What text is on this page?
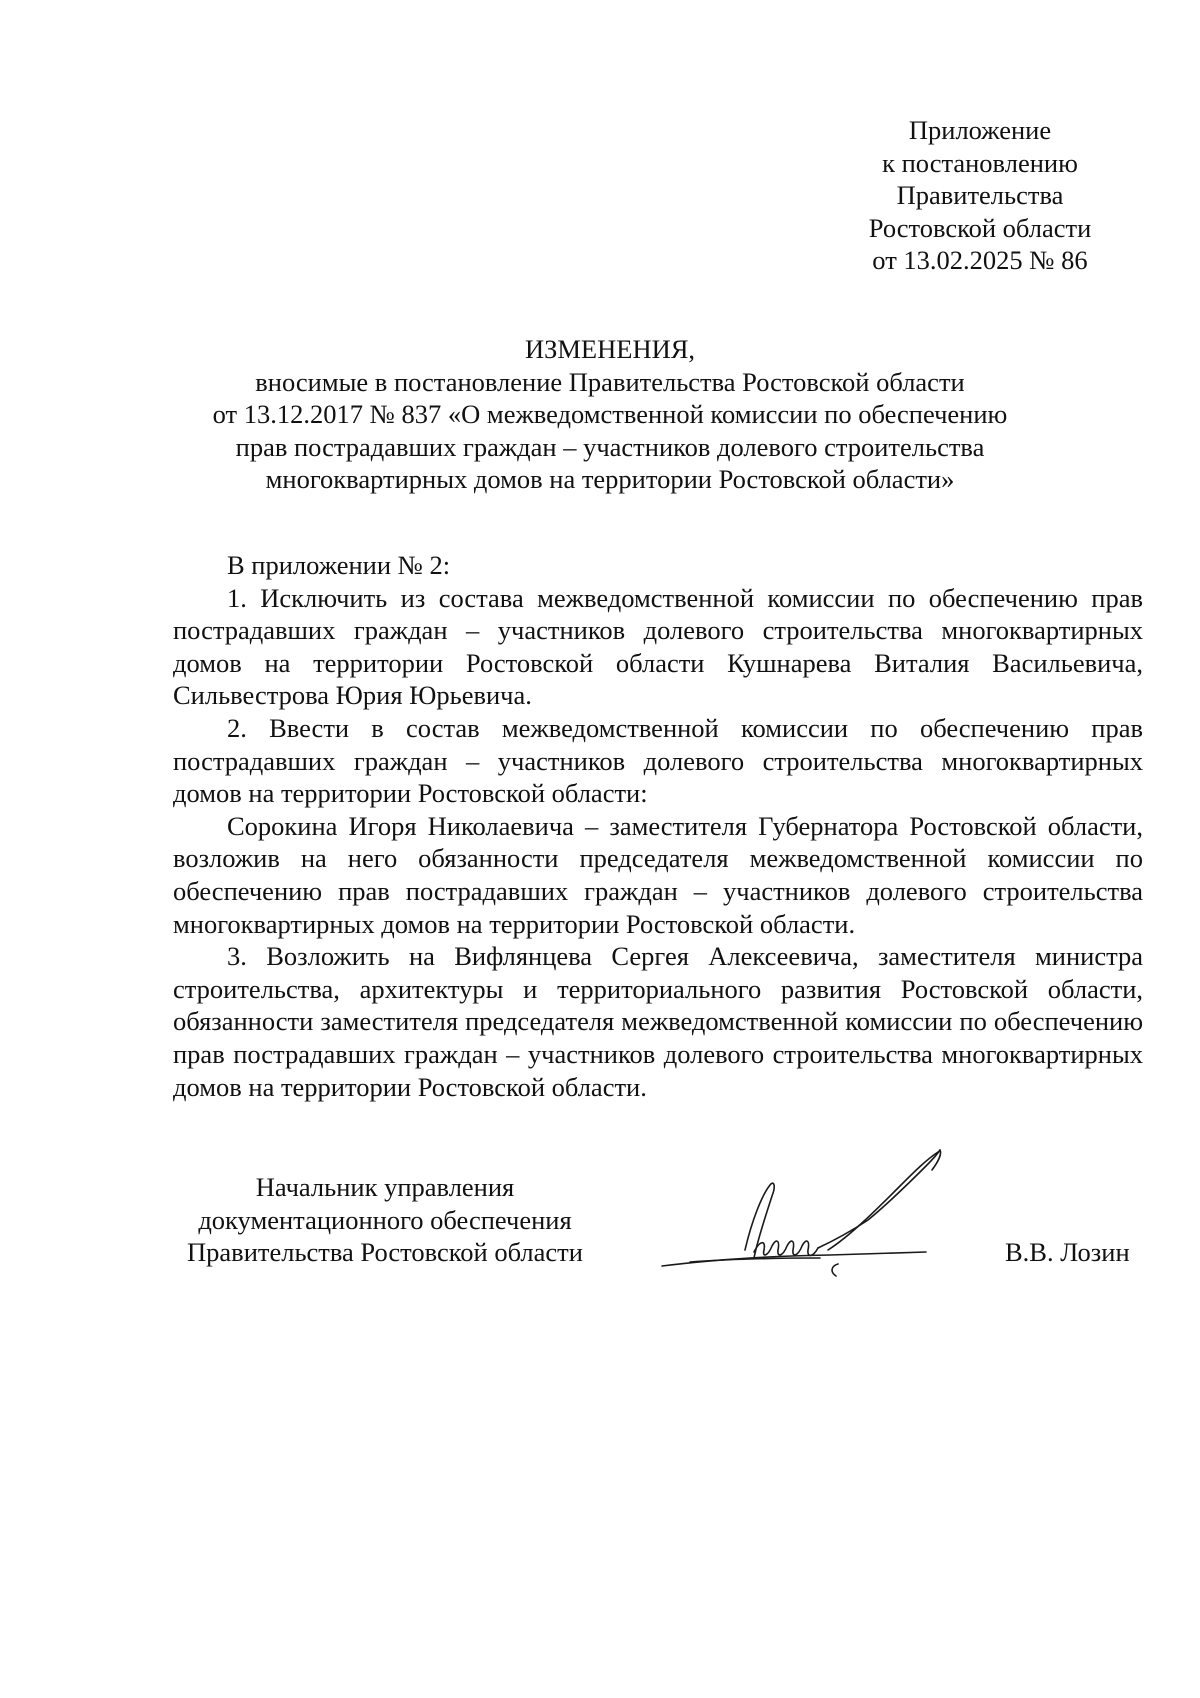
Приложение
к постановлению
Правительства
Ростовской области
от 13.02.2025 № 86
ИЗМЕНЕНИЯ,
вносимые в постановление Правительства Ростовской области
от 13.12.2017 № 837 «О межведомственной комиссии по обеспечению
прав пострадавших граждан – участников долевого строительства
многоквартирных домов на территории Ростовской области»
В приложении № 2:
1. Исключить из состава межведомственной комиссии по обеспечению прав пострадавших граждан – участников долевого строительства многоквартирных домов на территории Ростовской области Кушнарева Виталия Васильевича, Сильвестрова Юрия Юрьевича.
2. Ввести в состав межведомственной комиссии по обеспечению прав пострадавших граждан – участников долевого строительства многоквартирных домов на территории Ростовской области:
Сорокина Игоря Николаевича – заместителя Губернатора Ростовской области, возложив на него обязанности председателя межведомственной комиссии по обеспечению прав пострадавших граждан – участников долевого строительства многоквартирных домов на территории Ростовской области.
3. Возложить на Вифлянцева Сергея Алексеевича, заместителя министра строительства, архитектуры и территориального развития Ростовской области, обязанности заместителя председателя межведомственной комиссии по обеспечению прав пострадавших граждан – участников долевого строительства многоквартирных домов на территории Ростовской области.
Начальник управления
документационного обеспечения
Правительства Ростовской области	В.В. Лозин
